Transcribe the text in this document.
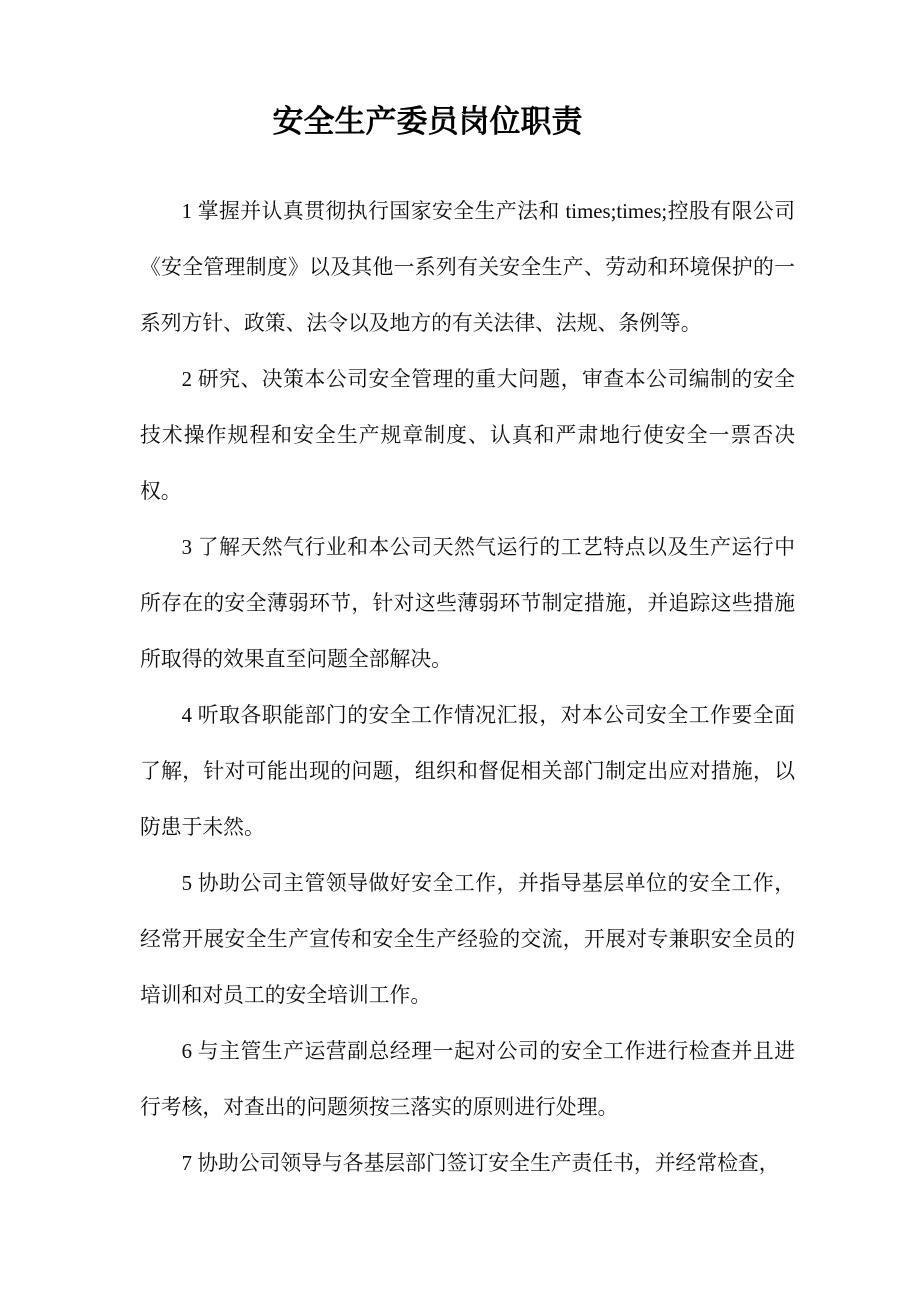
安全生产委员岗位职责

1 掌握并认真贯彻执行国家安全生产法和 times;times;控股有限公司《安全管理制度》以及其他一系列有关安全生产、劳动和环境保护的一系列方针、政策、法令以及地方的有关法律、法规、条例等。

2 研究、决策本公司安全管理的重大问题，审查本公司编制的安全技术操作规程和安全生产规章制度、认真和严肃地行使安全一票否决权。

3 了解天然气行业和本公司天然气运行的工艺特点以及生产运行中所存在的安全薄弱环节，针对这些薄弱环节制定措施，并追踪这些措施所取得的效果直至问题全部解决。

4 听取各职能部门的安全工作情况汇报，对本公司安全工作要全面了解，针对可能出现的问题，组织和督促相关部门制定出应对措施，以防患于未然。

5 协助公司主管领导做好安全工作，并指导基层单位的安全工作，经常开展安全生产宣传和安全生产经验的交流，开展对专兼职安全员的培训和对员工的安全培训工作。

6 与主管生产运营副总经理一起对公司的安全工作进行检查并且进行考核，对查出的问题须按三落实的原则进行处理。

7 协助公司领导与各基层部门签订安全生产责任书，并经常检查，
